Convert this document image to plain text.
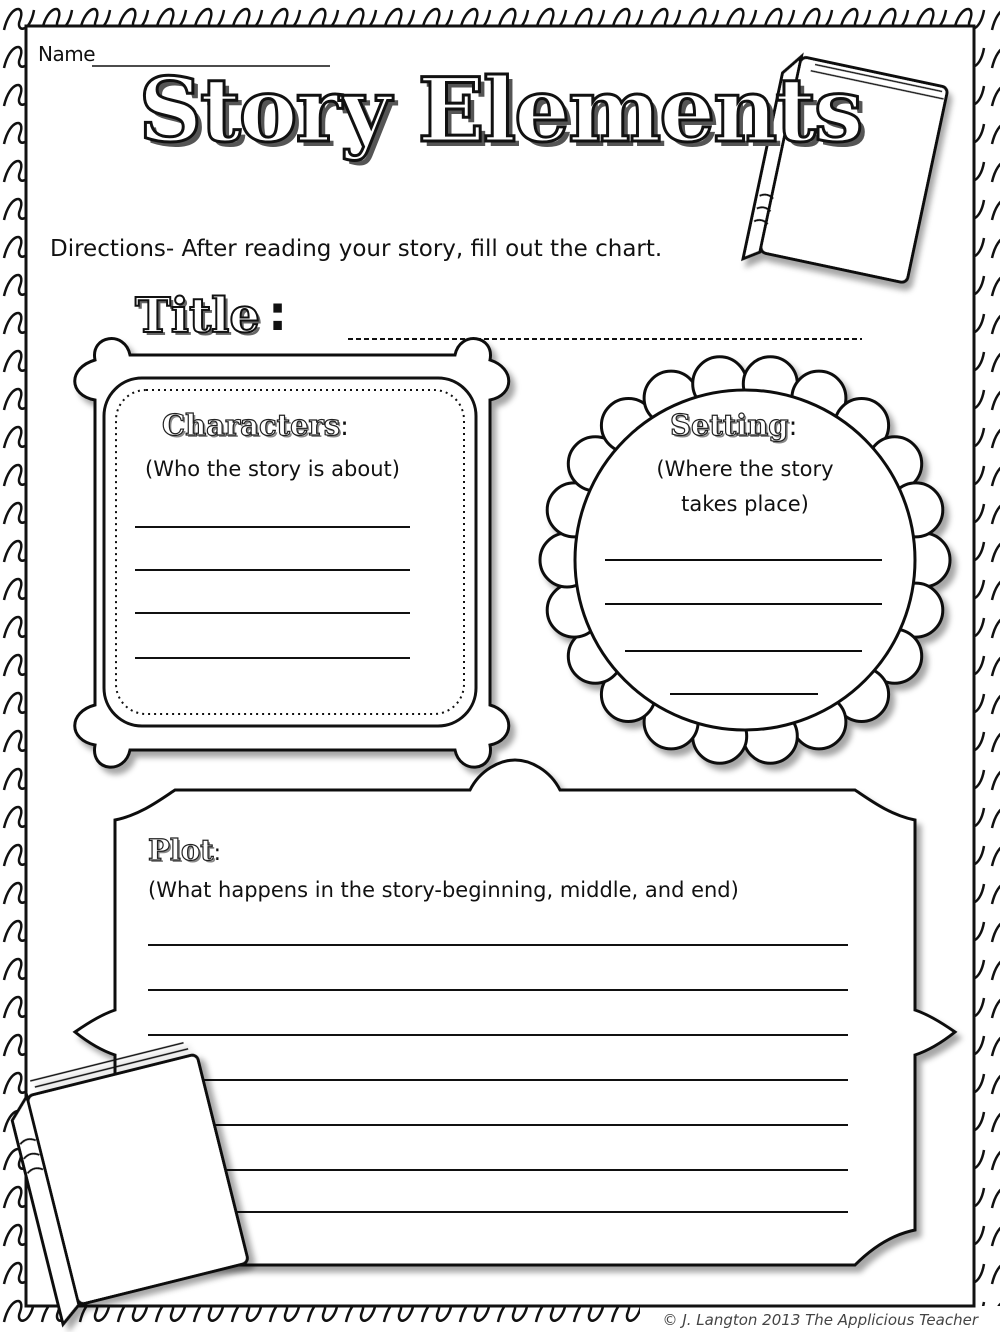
Name
Story Elements
Directions- After reading your story, fill out the chart.
Title :
Characters:
(Who the story is about)
Setting:
(Where the story
takes place)
Plot:
(What happens in the story-beginning, middle, and end)
© J. Langton 2013 The Applicious Teacher
